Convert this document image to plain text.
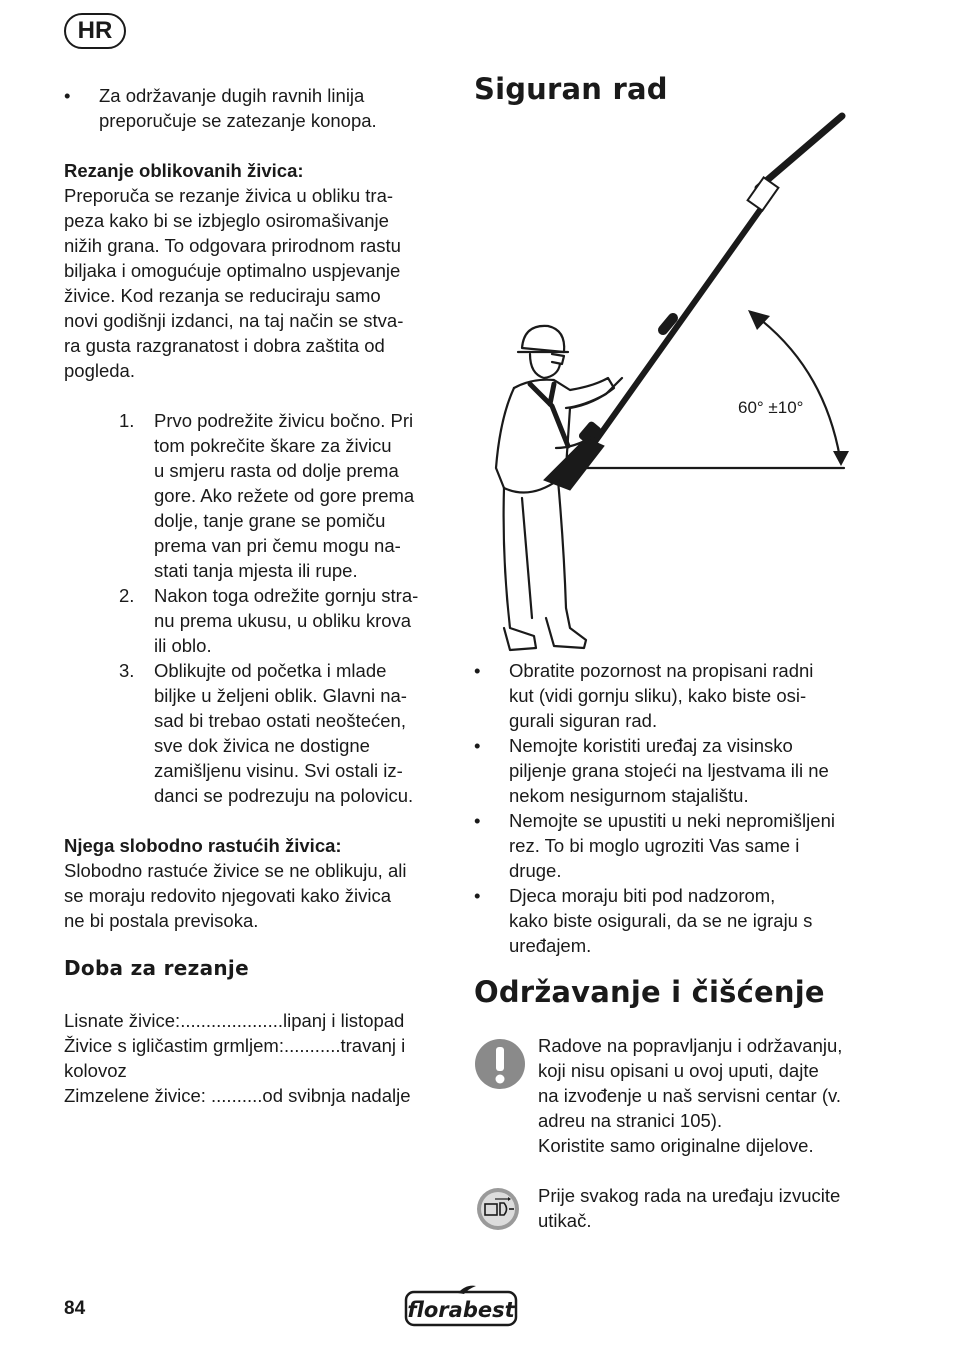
HR
• Za održavanje dugih ravnih linija
preporučuje se zatezanje konopa.
Rezanje oblikovanih živica:
Preporuča se rezanje živica u obliku tra-
peza kako bi se izbjeglo osiromašivanje
nižih grana. To odgovara prirodnom rastu
biljaka i omogućuje optimalno uspjevanje
živice. Kod rezanja se reduciraju samo
novi godišnji izdanci, na taj način se stva-
ra gusta razgranatost i dobra zaštita od
pogleda.
1. Prvo podrežite živicu bočno. Pri
tom pokrečite škare za živicu
u smjeru rasta od dolje prema
gore. Ako režete od gore prema
dolje, tanje grane se pomiču
prema van pri čemu mogu na-
stati tanja mjesta ili rupe.
2. Nakon toga odrežite gornju stra-
nu prema ukusu, u obliku krova
ili oblo.
3. Oblikujte od početka i mlade
biljke u željeni oblik. Glavni na-
sad bi trebao ostati neoštećen,
sve dok živica ne dostigne
zamišljenu visinu. Svi ostali iz-
danci se podrezuju na polovicu.
Njega slobodno rastućih živica:
Slobodno rastuće živice se ne oblikuju, ali
se moraju redovito njegovati kako živica
ne bi postala previsoka.
Doba za rezanje
Lisnate živice:....................lipanj i listopad
Živice s igličastim grmljem:...........travanj i
kolovoz
Zimzelene živice: ..........od svibnja nadalje
Siguran rad
60° ±10°
• Obratite pozornost na propisani radni
kut (vidi gornju sliku), kako biste osi-
gurali siguran rad.
• Nemojte koristiti uređaj za visinsko
piljenje grana stojeći na ljestvama ili ne
nekom nesigurnom stajalištu.
• Nemojte se upustiti u neki nepromišljeni
rez. To bi moglo ugroziti Vas same i
druge.
• Djeca moraju biti pod nadzorom,
kako biste osigurali, da se ne igraju s
uređajem.
Održavanje i čišćenje
Radove na popravljanju i održavanju,
koji nisu opisani u ovoj uputi, dajte
na izvođenje u naš servisni centar (v.
adreu na stranici 105).
Koristite samo originalne dijelove.
Prije svakog rada na uređaju izvucite
utikač.
84	florabest
